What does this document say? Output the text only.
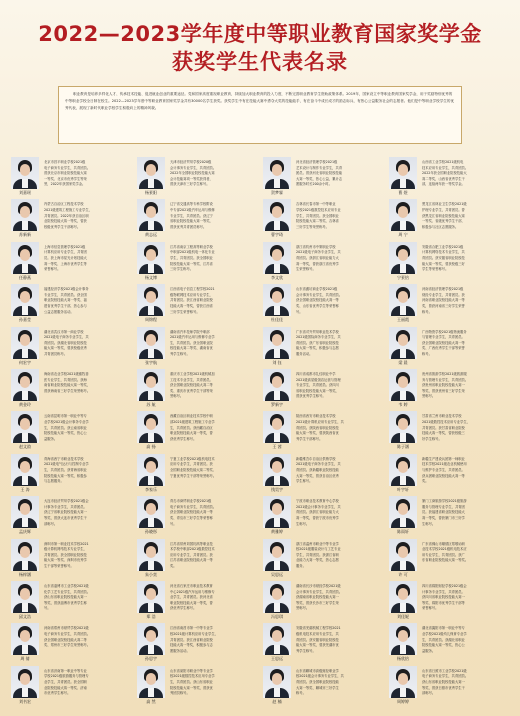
2022—2023学年度中等职业教育国家奖学金
获奖学生代表名录
职业教育是培养多样化人才、传承技术技能、促进就业创业的重要途径。党和国家高度重视职业教育，持续加大职业教育的投入力度，不断完善职业教育学生资助政策体系。2019年，国家设立中等职业教育国家奖学金，用于奖励特别优秀的中等职业学校全日制在校生。2022—2023学年度中等职业教育国家奖学金共有30000名学生获奖。获奖学生中有在技能大赛中勇夺大奖的技能能手，有在奋斗中成长成才的励志标兵，有热心公益服务社会的志愿者。他们是中等职业学校学生的优秀代表，展现了新时代职业学校学生积极向上的精神风貌。
刘嘉瑶
北京市昌平职业学校2021级
电子商务专业学生，共青团员。
曾获北京市职业院校技能大赛
一等奖、北京市优秀学生等荣
誉，2022年获国家奖学金。
杨景阳
天津市经济贸易学校2020级
会计事务专业学生，共青团员。
2022年全国职业院校技能大赛
会计技能赛项一等奖获得者，
曾获天津市三好学生称号。
贺梦霖
河北省经济管理学校2021级
艺术设计与制作专业学生，共青
团员。曾获河北省职业院校技能
大赛一等奖，热心公益，累计志
愿服务时长200余小时。
曹 煜
山西省工业学校2021级机电
技术应用专业学生，共青团员。
2022年获全国职业院校技能大
赛二等奖，山西省优秀学生干
部，连续两年获一等奖学金。
苏新新
内蒙古自治区工程技术学校
2021级建筑工程施工专业学生，
共青团员。2022年获自治区职
业院校技能大赛一等奖，曾获
校级优秀学生干部称号。
黄志远
辽宁省交通高等专科学校附设
中专部2021级汽车运用与维修
专业学生，共青团员。获辽宁
省职业院校技能大赛一等奖，
曾获优秀共青团员称号。
曹宇琦
吉林省长春市第一中等职业
学校2021级数控技术应用专业
学生，共青团员。获全国职业
院校技能大赛二等奖、吉林省
三好学生等荣誉称号。
周 宁
黑龙江省林业卫生学校2021级
护理专业学生，共青团员。曾
获黑龙江省职业院校技能大赛
一等奖、省级优秀学生干部，
积极参与社区志愿服务。
任静燕
上海市信息管理学校2021级
计算机应用专业学生，共青团
员。获上海市星光计划技能大
赛一等奖、上海市优秀学生等
荣誉称号。
杨文博
江苏省南京工程高等职业学校
中职部2021级机电一体化专业
学生，共青团员。获全国职业
院校技能大赛一等奖、江苏省
三好学生称号。
李文欣
浙江省杭州市中策职业学校
2021级电子商务专业学生，共
青团员。获浙江省职业能力大
赛一等奖，曾获浙江省优秀学
生荣誉称号。
宁景怡
安徽省合肥工业学校2021级
计算机网络技术专业学生，共
青团员。获安徽省职业院校技
能大赛一等奖，曾获校级三好
学生等荣誉称号。
孙嘉莹
福建经济学校2021级会计事务
专业学生，共青团员。获全国
职业院校技能大赛一等奖、福
建省优秀学生干部，热心参与
公益志愿服务活动。
周锦程
江西省电子信息工程学校2021
级物联网技术应用专业学生，
共青团员。获江西省职业院校
技能大赛一等奖，曾获江西省
三好学生荣誉称号。
杜佳佳
山东省潍坊商业学校2021级
会计事务专业学生，共青团员。
获全国职业院校技能大赛一等
奖、山东省优秀学生等荣誉称
号。
王丽霞
河南省经济管理学校2021级
财经专业学生，共青团员。获
河南省职业院校技能大赛一等
奖，曾获河南省三好学生荣誉
称号。
何宏宇
湖北省武汉市第一商业学校
2021级电子商务专业学生，共
青团员。获湖北省职业院校技
能大赛一等奖，曾获校级优秀
共青团员称号。
张宇航
湖南省汽车技师学院中职部
2021级汽车运用与维修专业学
生，共青团员。获全国职业院
校技能大赛二等奖、湖南省优
秀学生称号。
刘 钰
广东省对外贸易职业技术学校
2021级国际商务专业学生，共
青团员。获广东省职业院校技
能大赛一等奖，积极参与志愿
服务活动。
梁 晨
广西物资学校2021级物流服务
与管理专业学生，共青团员。
获全国职业院校技能大赛一等
奖、广西优秀学生干部等荣誉
称号。
黄金玲
海南省农业学校2021级畜牧兽
医专业学生，共青团员。获海
南省职业院校技能大赛一等奖，
曾获海南省三好学生荣誉称号。
苏 航
重庆市工业学校2021级机械加
工技术专业学生，共青团员。
获全国职业院校技能大赛二等
奖、重庆市优秀学生干部等荣
誉称号。
罗新宇
四川省成都市礼仪职业中学
2021级高星级饭店运营与管理
专业学生，共青团员。获四川
省职业院校技能大赛一等奖，
曾获优秀学生称号。
韦 婷
贵州省旅游学校2021级旅游服
务与管理专业学生，共青团员。
获贵州省职业院校技能大赛一
等奖，曾获贵州省三好学生荣
誉称号。
赵文韵
云南省昆明市第一职业中等专
业学校2021级会计事务专业学
生，共青团员。获云南省职业
院校技能大赛一等奖，热心公
益服务。
高 扬
西藏自治区职业技术学校中职
部2021级建筑工程施工专业学
生，共青团员。获西藏自治区
职业院校技能大赛一等奖，曾
获优秀学生称号。
王 茜
陕西省西安市职业技术学校
2021级计算机应用专业学生，共
青团员。获陕西省职业院校技
能大赛一等奖，曾获陕西省优
秀学生干部称号。
陈子涵
甘肃省兰州市职业技术学校
2021级数控技术应用专业学生，
共青团员。获甘肃省职业院校
技能大赛一等奖，曾获校级三
好学生称号。
王 涛
青海省西宁市职业技术学校
2021级电气运行与控制专业学
生，共青团员。获青海省职业
院校技能大赛一等奖，积极参
与志愿服务。
李家乐
宁夏工业学校2021级机电技术
应用专业学生，共青团员。获
全国职业院校技能大赛二等奖、
宁夏优秀学生干部等荣誉称号。
钱昊宇
新疆维吾尔自治区供销学校
2021级电子商务专业学生，共
青团员。获新疆职业院校技能
大赛一等奖，曾获自治区优秀
学生称号。
叶宇轩
新疆生产建设兵团第一师职业
技术学校2021级农业机械使用
与维护专业学生，共青团员。
获兵团职业院校技能大赛一等
奖。
孟庆辉
大连市经济贸易学校2021级会
计事务专业学生，共青团员。
获辽宁省职业院校技能大赛一
等奖，曾获大连市优秀学生干
部称号。
孙晓彤
青岛市商贸职业学校2021级
电子商务专业学生，共青团员。
获全国职业院校技能大赛一等
奖、青岛市三好学生等荣誉称
号。
黄雅婷
宁波市职业技术教育中心学校
2021级会计事务专业学生，共
青团员。获浙江省职业能力大
赛一等奖，曾获宁波市优秀学
生称号。
陈雨轩
厦门工商旅游学校2021级旅游
服务与管理专业学生，共青团
员。获福建省职业院校技能大
赛一等奖，曾获厦门市三好学
生称号。
杨梓涵
深圳市第一职业技术学校2021
级计算机网络技术专业学生，
共青团员。获全国职业院校技
能大赛一等奖、深圳市优秀学
生干部等荣誉称号。
朱小奕
江苏省常州刘国钧高等职业技
术学校中职部2021级数控技术
应用专业学生，共青团员。获
江苏省职业院校技能大赛一等
奖。
吴思远
浙江省温州市职业中等专业学
校2021级服装设计与工艺专业
学生，共青团员。获浙江省职
业能力大赛一等奖，热心志愿
服务。
许 可
广东省佛山市顺德区郑敬诒职
业技术学校2021级机电技术应
用专业学生，共青团员。获广
东省职业院校技能大赛一等奖。
邱文浩
山东省淄博市工业学校2021级
化学工艺专业学生，共青团员。
获山东省职业院校技能大赛一
等奖，曾获淄博市优秀学生称
号。
郑 浩
河北省石家庄市职业技术教育
中心2021级汽车运用与维修专
业学生，共青团员。获河北省
职业院校技能大赛一等奖，曾
获优秀学生称号。
冯思琪
湖南省长沙市财经学校2021级
会计事务专业学生，共青团员。
获湖南省职业院校技能大赛一
等奖，曾获长沙市三好学生荣
誉称号。
刘佳妮
四川省绵阳财经学校2021级会
计事务专业学生，共青团员。
获四川省职业院校技能大赛一
等奖、绵阳市优秀学生干部等
荣誉称号。
周 倩
河南省郑州市财贸学校2021级
电子商务专业学生，共青团员。
获全国职业院校技能大赛二等
奖、郑州市三好学生荣誉称号。
孙思宇
江西省南昌市第一中等专业学
校2021级计算机应用专业学生，
共青团员。获江西省职业院校
技能大赛一等奖，积极参与志
愿服务活动。
王思远
安徽省芜湖机械工程学校2021
级机电技术应用专业学生，共
青团员。获安徽省职业院校技
能大赛一等奖，曾获芜湖市优
秀学生称号。
杨欣怡
湖北省襄阳市第一职业中等专
业学校2021级幼儿保育专业学
生，共青团员。获湖北省职业
院校技能大赛一等奖，热心公
益服务。
刘书宏
山东省济南第一职业中等专业
学校2021级旅游服务与管理专
业学生，共青团员。获全国职
业院校技能大赛一等奖、济南
市优秀学生称号。
高 然
山东省莱阳市职业中等专业学
校2021级数控技术应用专业学
生，共青团员。获山东省职业
院校技能大赛一等奖，曾获优
秀团员称号。
赵 楠
山东省聊城市高级财经职业学
校2021级会计事务专业学生，共
青团员。获全国职业院校技能
大赛一等奖、聊城市三好学生
称号。
周婷婷
山东省日照市工业学校2021级
电子商务专业学生，共青团员。
获山东省职业院校技能大赛一
等奖，曾获日照市优秀学生干
部称号。
